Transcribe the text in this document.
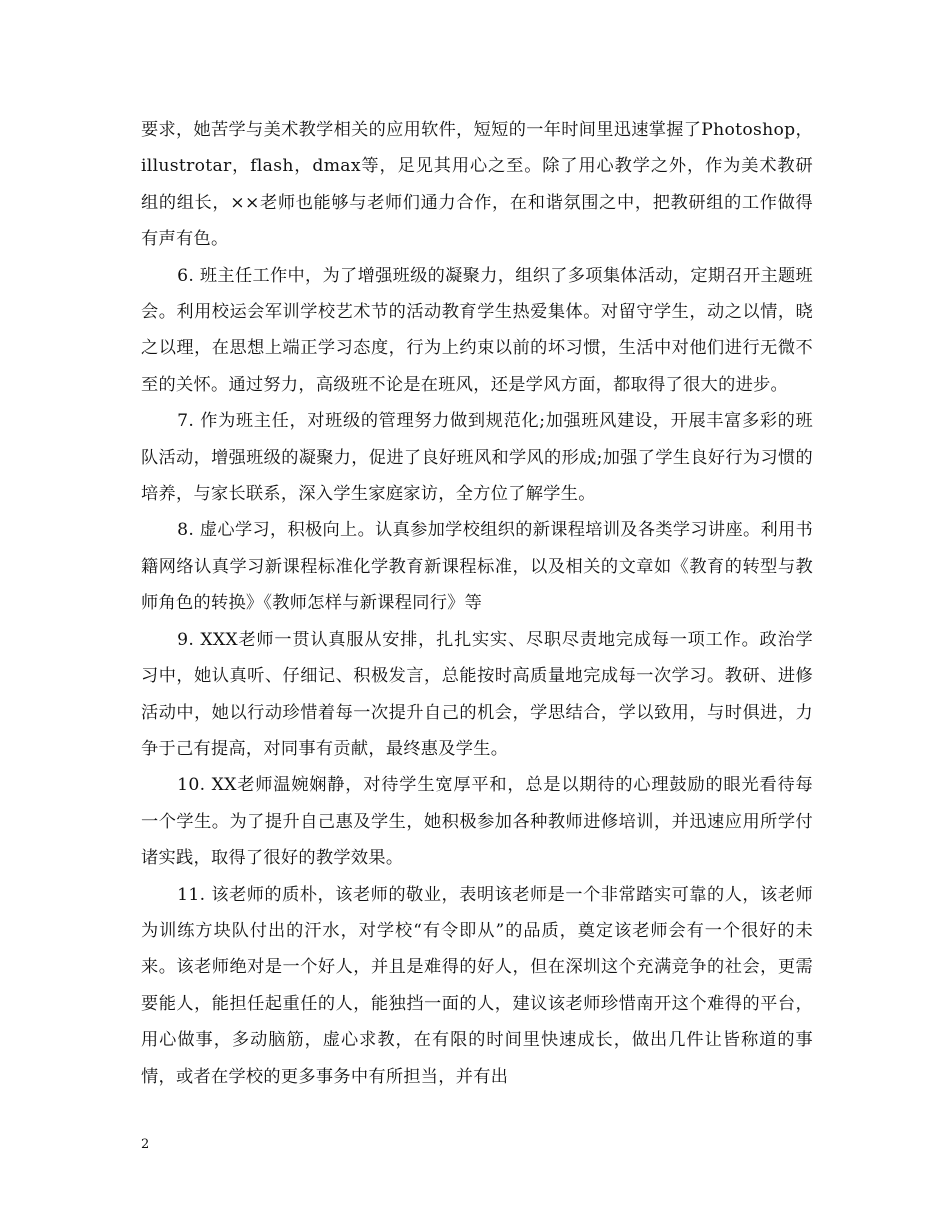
要求，她苦学与美术教学相关的应用软件，短短的一年时间里迅速掌握了Photoshop，illustrotar，flash，dmax等，足见其用心之至。除了用心教学之外，作为美术教研组的组长，××老师也能够与老师们通力合作，在和谐氛围之中，把教研组的工作做得有声有色。

6. 班主任工作中，为了增强班级的凝聚力，组织了多项集体活动，定期召开主题班会。利用校运会军训学校艺术节的活动教育学生热爱集体。对留守学生，动之以情，晓之以理，在思想上端正学习态度，行为上约束以前的坏习惯，生活中对他们进行无微不至的关怀。通过努力，高级班不论是在班风，还是学风方面，都取得了很大的进步。

7. 作为班主任，对班级的管理努力做到规范化;加强班风建设，开展丰富多彩的班队活动，增强班级的凝聚力，促进了良好班风和学风的形成;加强了学生良好行为习惯的培养，与家长联系，深入学生家庭家访，全方位了解学生。

8. 虚心学习，积极向上。认真参加学校组织的新课程培训及各类学习讲座。利用书籍网络认真学习新课程标准化学教育新课程标准，以及相关的文章如《教育的转型与教师角色的转换》《教师怎样与新课程同行》等

9. XXX老师一贯认真服从安排，扎扎实实、尽职尽责地完成每一项工作。政治学习中，她认真听、仔细记、积极发言，总能按时高质量地完成每一次学习。教研、进修活动中，她以行动珍惜着每一次提升自己的机会，学思结合，学以致用，与时俱进，力争于己有提高，对同事有贡献，最终惠及学生。

10. XX老师温婉娴静，对待学生宽厚平和，总是以期待的心理鼓励的眼光看待每一个学生。为了提升自己惠及学生，她积极参加各种教师进修培训，并迅速应用所学付诸实践，取得了很好的教学效果。

11. 该老师的质朴，该老师的敬业，表明该老师是一个非常踏实可靠的人，该老师为训练方块队付出的汗水，对学校“有令即从”的品质，奠定该老师会有一个很好的未来。该老师绝对是一个好人，并且是难得的好人，但在深圳这个充满竞争的社会，更需要能人，能担任起重任的人，能独挡一面的人，建议该老师珍惜南开这个难得的平台，用心做事，多动脑筋，虚心求教，在有限的时间里快速成长，做出几件让皆称道的事情，或者在学校的更多事务中有所担当，并有出

2
